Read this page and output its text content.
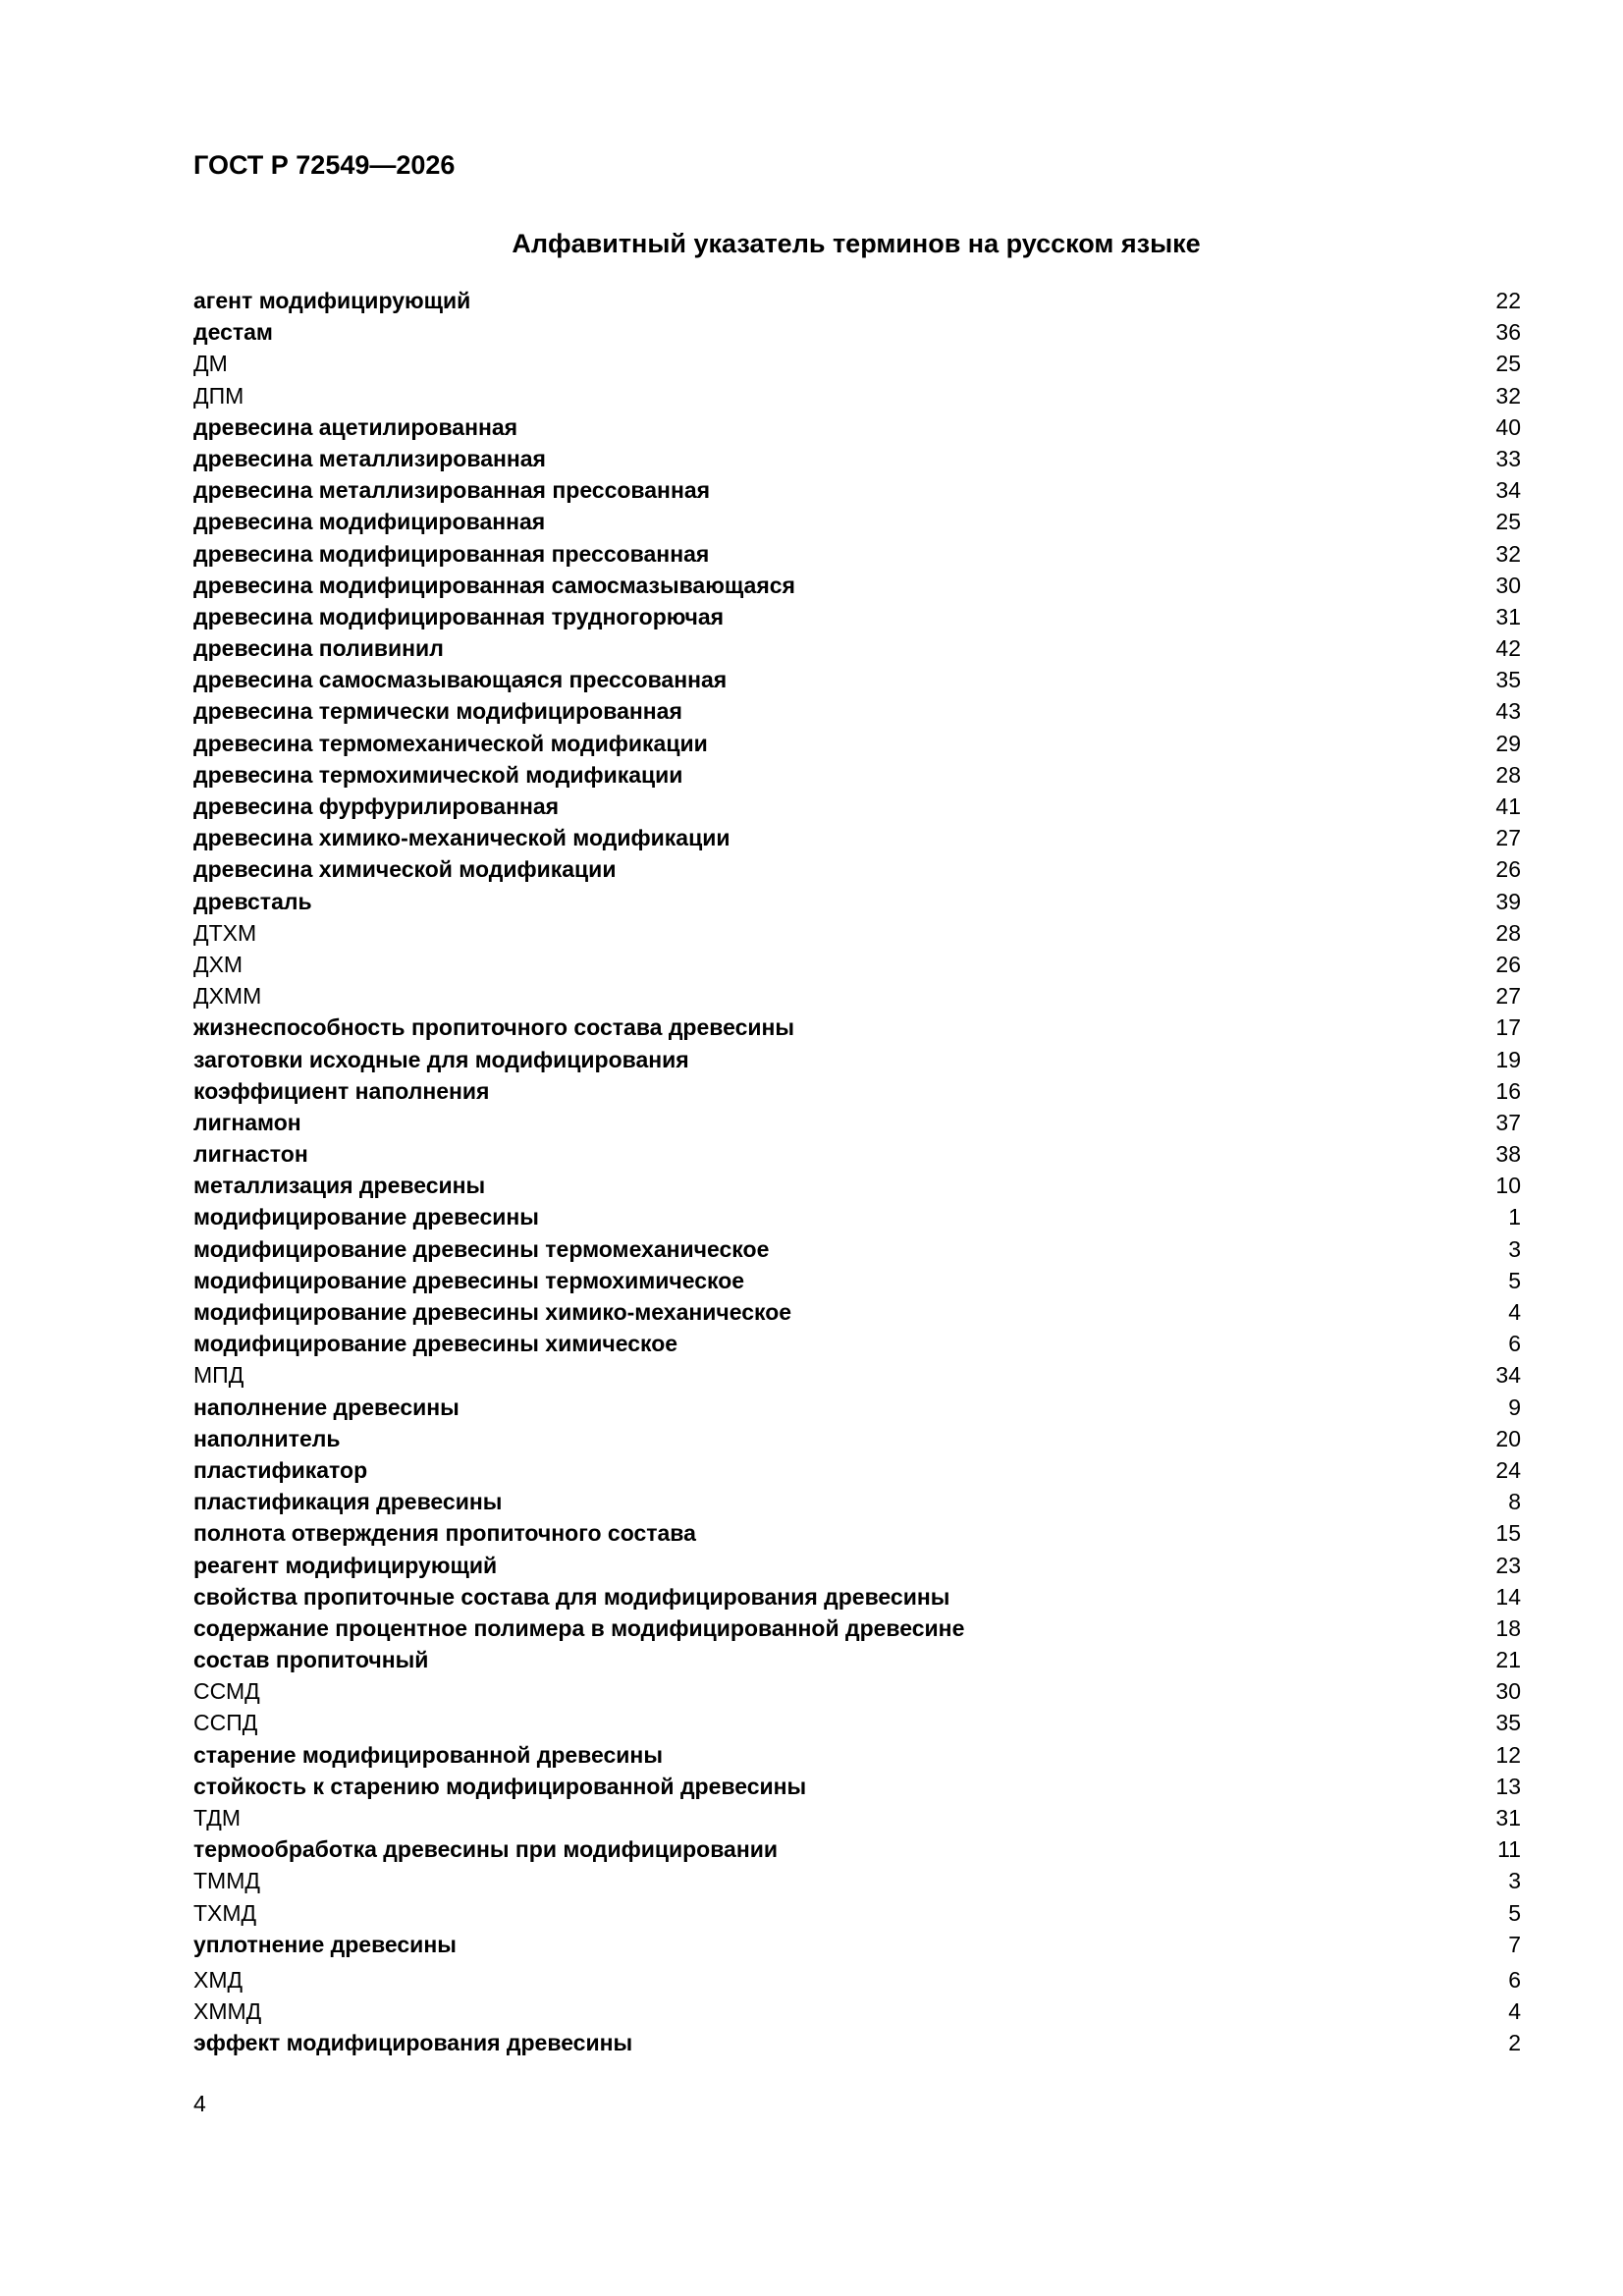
ГОСТ Р 72549—2026
Алфавитный указатель терминов на русском языке
агент модифицирующий	22
дестам	36
ДМ	25
ДПМ	32
древесина ацетилированная	40
древесина металлизированная	33
древесина металлизированная прессованная	34
древесина модифицированная	25
древесина модифицированная прессованная	32
древесина модифицированная самосмазывающаяся	30
древесина модифицированная трудногорючая	31
древесина поливинил	42
древесина самосмазывающаяся прессованная	35
древесина термически модифицированная	43
древесина термомеханической модификации	29
древесина термохимической модификации	28
древесина фурфурилированная	41
древесина химико-механической модификации	27
древесина химической модификации	26
древсталь	39
ДТХМ	28
ДХМ	26
ДХММ	27
жизнеспособность пропиточного состава древесины	17
заготовки исходные для модифицирования	19
коэффициент наполнения	16
лигнамон	37
лигнастон	38
металлизация древесины	10
модифицирование древесины	1
модифицирование древесины термомеханическое	3
модифицирование древесины термохимическое	5
модифицирование древесины химико-механическое	4
модифицирование древесины химическое	6
МПД	34
наполнение древесины	9
наполнитель	20
пластификатор	24
пластификация древесины	8
полнота отверждения пропиточного состава	15
реагент модифицирующий	23
свойства пропиточные состава для модифицирования древесины	14
содержание процентное полимера в модифицированной древесине	18
состав пропиточный	21
ССМД	30
ССПД	35
старение модифицированной древесины	12
стойкость к старению модифицированной древесины	13
ТДМ	31
термообработка древесины при модифицировании	11
ТММД	3
ТХМД	5
уплотнение древесины	7
ХМД	6
ХММД	4
эффект модифицирования древесины	2
4
